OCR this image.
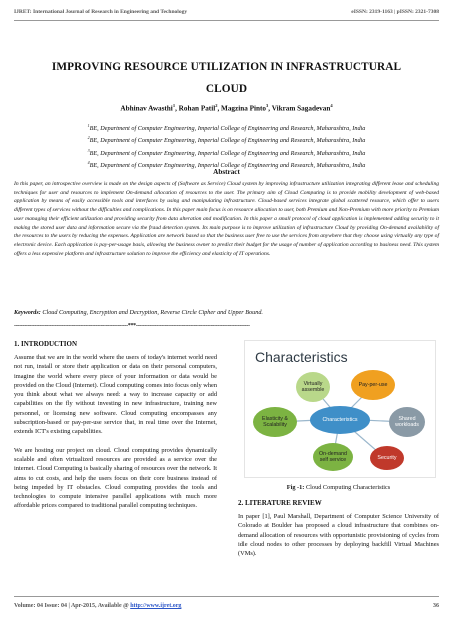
IJRET: International Journal of Research in Engineering and Technology	eISSN: 2319-1163 | pISSN: 2321-7308
IMPROVING RESOURCE UTILIZATION IN INFRASTRUCTURAL
CLOUD
Abhinav Awasthi$^1$, Rohan Patil$^2$, Magzina Pinto$^3$, Vikram Sagadevan$^4$
$^1$BE, Department of Computer Engineering, Imperial College of Engineering and Research, Maharashtra, India
$^2$BE, Department of Computer Engineering, Imperial College of Engineering and Research, Maharashtra, India
$^3$BE, Department of Computer Engineering, Imperial College of Engineering and Research, Maharashtra, India
$^4$BE, Department of Computer Engineering, Imperial College of Engineering and Research, Maharashtra, India
Abstract
In this paper, an introspective overview is made on the design aspects of (Software as Service) Cloud system by improving infrastructure utilization integrating different lease and scheduling techniques for user and resources to implement On-demand allocation of resources to the user. The primary aim of Cloud Computing is to provide mobility development of web-based application by means of easily accessible tools and interfaces by using and manipulating infrastructure. Cloud-based services integrate global scattered resource, which offer to users different types of services without the difficulties and complications. In this paper main focus is on resource allocation to user, both Premium and Non-Premium with more priority to Premium user managing their efficient utilization and providing security from data alteration and modification. In this paper a small protocol of cloud application is implemented adding security to it making the stored user data and information secure via the fraud detection system. Its main purpose is to improve utilization of infrastructure Cloud by providing On-demand availability of the resources to the users by reducing the expenses. Application are network based so that the business user free to use the services from anywhere that they choose using virtually any type of electronic device. Each application is pay-per-usage basis, allowing the business owner to predict their budget for the usage of number of application according to business need. This system offers a less expensive platform and infrastructure solution to improve the efficiency and elasticity of IT operations.
Keywords: Cloud Computing, Encryption and Decryption, Reverse Circle Cipher and Upper Bound.
-------------------------------------------------------------------***-------------------------------------------------------------------
1. INTRODUCTION

Assume that we are in the world where the users of today's internet world need not run, install or store their application or data on their personal computers, imagine the world where every piece of your information or data would be provided on the Cloud (Internet). Cloud computing comes into focus only when you think about what we always need: a way to increase capacity or add capabilities on the fly without investing in new infrastructure, training new personnel, or licensing new software. Cloud computing encompasses any subscription-based or pay-per-use service that, in real time over the Internet, extends ICT's existing capabilities.

We are hosting our project on cloud. Cloud computing provides dynamically scalable and often virtualized resources are provided as a service over the internet. Cloud Computing is basically sharing of resources over the network. It aims to cut costs, and help the users focus on their core business instead of being impeded by IT obstacles. Cloud computing provides the tools and technologies to compute intensive parallel applications with much more affordable prices compared to traditional parallel computing techniques.

Characteristics
Virtually assemble
Pay-per-use
Elasticity & Scalability
Shared workloads
On-demand self service	Security
Characteristics
Fig -1: Cloud Computing Characteristics
2. LITERATURE REVIEW

In paper [1], Paul Marshall, Department of Computer Science University of Colorado at Boulder has proposed a cloud infrastructure that combines on-demand allocation of resources with opportunistic provisioning of cycles from idle cloud nodes to other processes by deploying backfill Virtual Machines (VMs).

Volume: 04 Issue: 04 | Apr-2015, Available @ http://www.ijret.org	36
